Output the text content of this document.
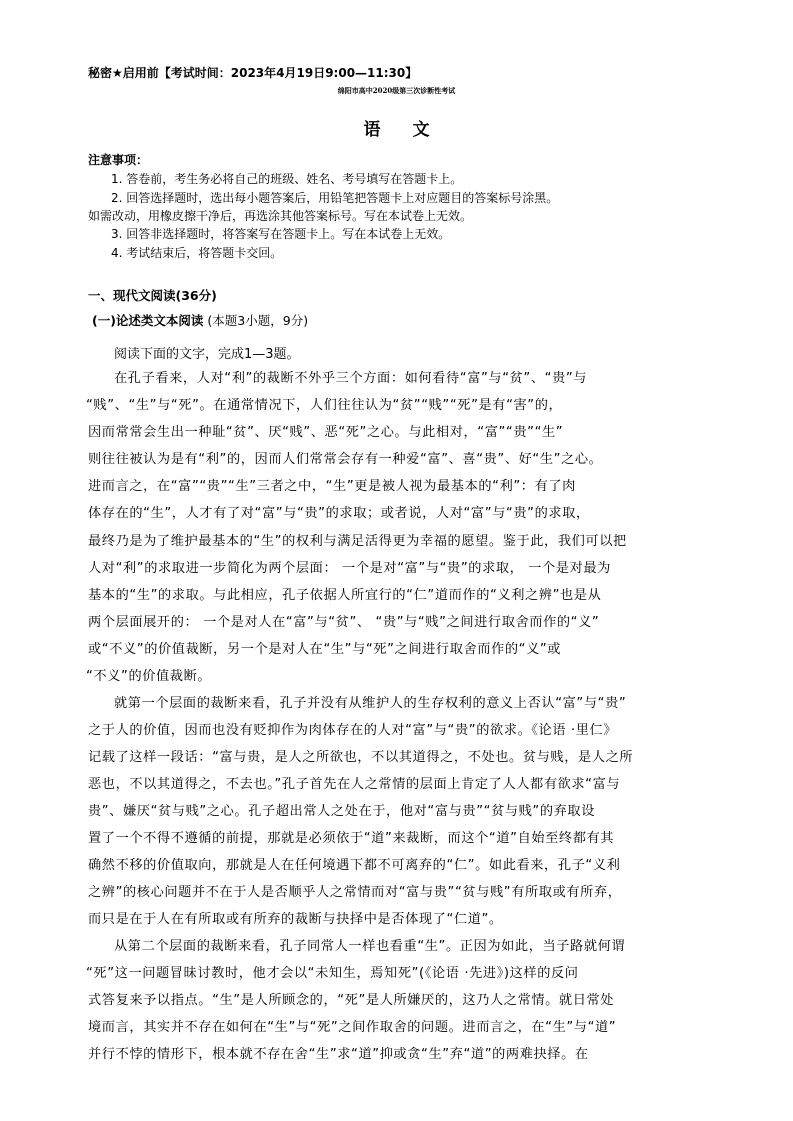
秘密★启用前【考试时间：2023年4月19日9:00—11:30】
绵阳市高中2020级第三次诊断性考试
语文
注意事项：
1. 答卷前，考生务必将自己的班级、姓名、考号填写在答题卡上。
2. 回答选择题时，选出每小题答案后，用铅笔把答题卡上对应题目的答案标号涂黑。
如需改动，用橡皮擦干净后，再选涂其他答案标号。写在本试卷上无效。
3. 回答非选择题时，将答案写在答题卡上。写在本试卷上无效。
4. 考试结束后，将答题卡交回。
一、现代文阅读(36分)
(一)论述类文本阅读 (本题3小题，9分)
阅读下面的文字，完成1—3题。
在孔子看来，人对“利”的裁断不外乎三个方面：如何看待“富”与“贫”、“贵”与
“贱”、“生”与“死”。在通常情况下，人们往往认为“贫”“贱”“死”是有“害”的，
因而常常会生出一种耻“贫”、厌“贱”、恶“死”之心。与此相对，“富”“贵”“生”
则往往被认为是有“利”的，因而人们常常会存有一种爱“富”、喜“贵”、好“生”之心。
进而言之，在“富”“贵”“生”三者之中，“生”更是被人视为最基本的“利”：有了肉
体存在的“生”，人才有了对“富”与“贵”的求取；或者说，人对“富”与“贵”的求取，
最终乃是为了维护最基本的“生”的权利与满足活得更为幸福的愿望。鉴于此，我们可以把
人对“利”的求取进一步简化为两个层面： 一个是对“富”与“贵”的求取， 一个是对最为
基本的“生”的求取。与此相应，孔子依据人所宜行的“仁”道而作的“义利之辨”也是从
两个层面展开的： 一个是对人在“富”与“贫”、 “贵”与“贱”之间进行取舍而作的“义”
或“不义”的价值裁断，另一个是对人在“生”与“死”之间进行取舍而作的“义”或
“不义”的价值裁断。
就第一个层面的裁断来看，孔子并没有从维护人的生存权利的意义上否认“富”与“贵”
之于人的价值，因而也没有贬抑作为肉体存在的人对“富”与“贵”的欲求。《论语 ·里仁》
记载了这样一段话：“富与贵，是人之所欲也，不以其道得之，不处也。贫与贱，是人之所
恶也，不以其道得之，不去也。”孔子首先在人之常情的层面上肯定了人人都有欲求“富与
贵”、嫌厌“贫与贱”之心。孔子超出常人之处在于，他对“富与贵”“贫与贱”的弃取设
置了一个不得不遵循的前提，那就是必须依于“道”来裁断，而这个“道”自始至终都有其
确然不移的价值取向，那就是人在任何境遇下都不可离弃的“仁”。如此看来，孔子“义利
之辨”的核心问题并不在于人是否顺乎人之常情而对“富与贵”“贫与贱”有所取或有所弃，
而只是在于人在有所取或有所弃的裁断与抉择中是否体现了“仁道”。
从第二个层面的裁断来看，孔子同常人一样也看重“生”。正因为如此，当子路就何谓
“死”这一问题冒昧讨教时，他才会以“未知生，焉知死”(《论语 ·先进》)这样的反问
式答复来予以指点。“生”是人所顾念的，“死”是人所嫌厌的，这乃人之常情。就日常处
境而言，其实并不存在如何在“生”与“死”之间作取舍的问题。进而言之，在“生”与“道”
并行不悖的情形下，根本就不存在舍“生”求“道”抑或贪“生”弃“道”的两难抉择。在
